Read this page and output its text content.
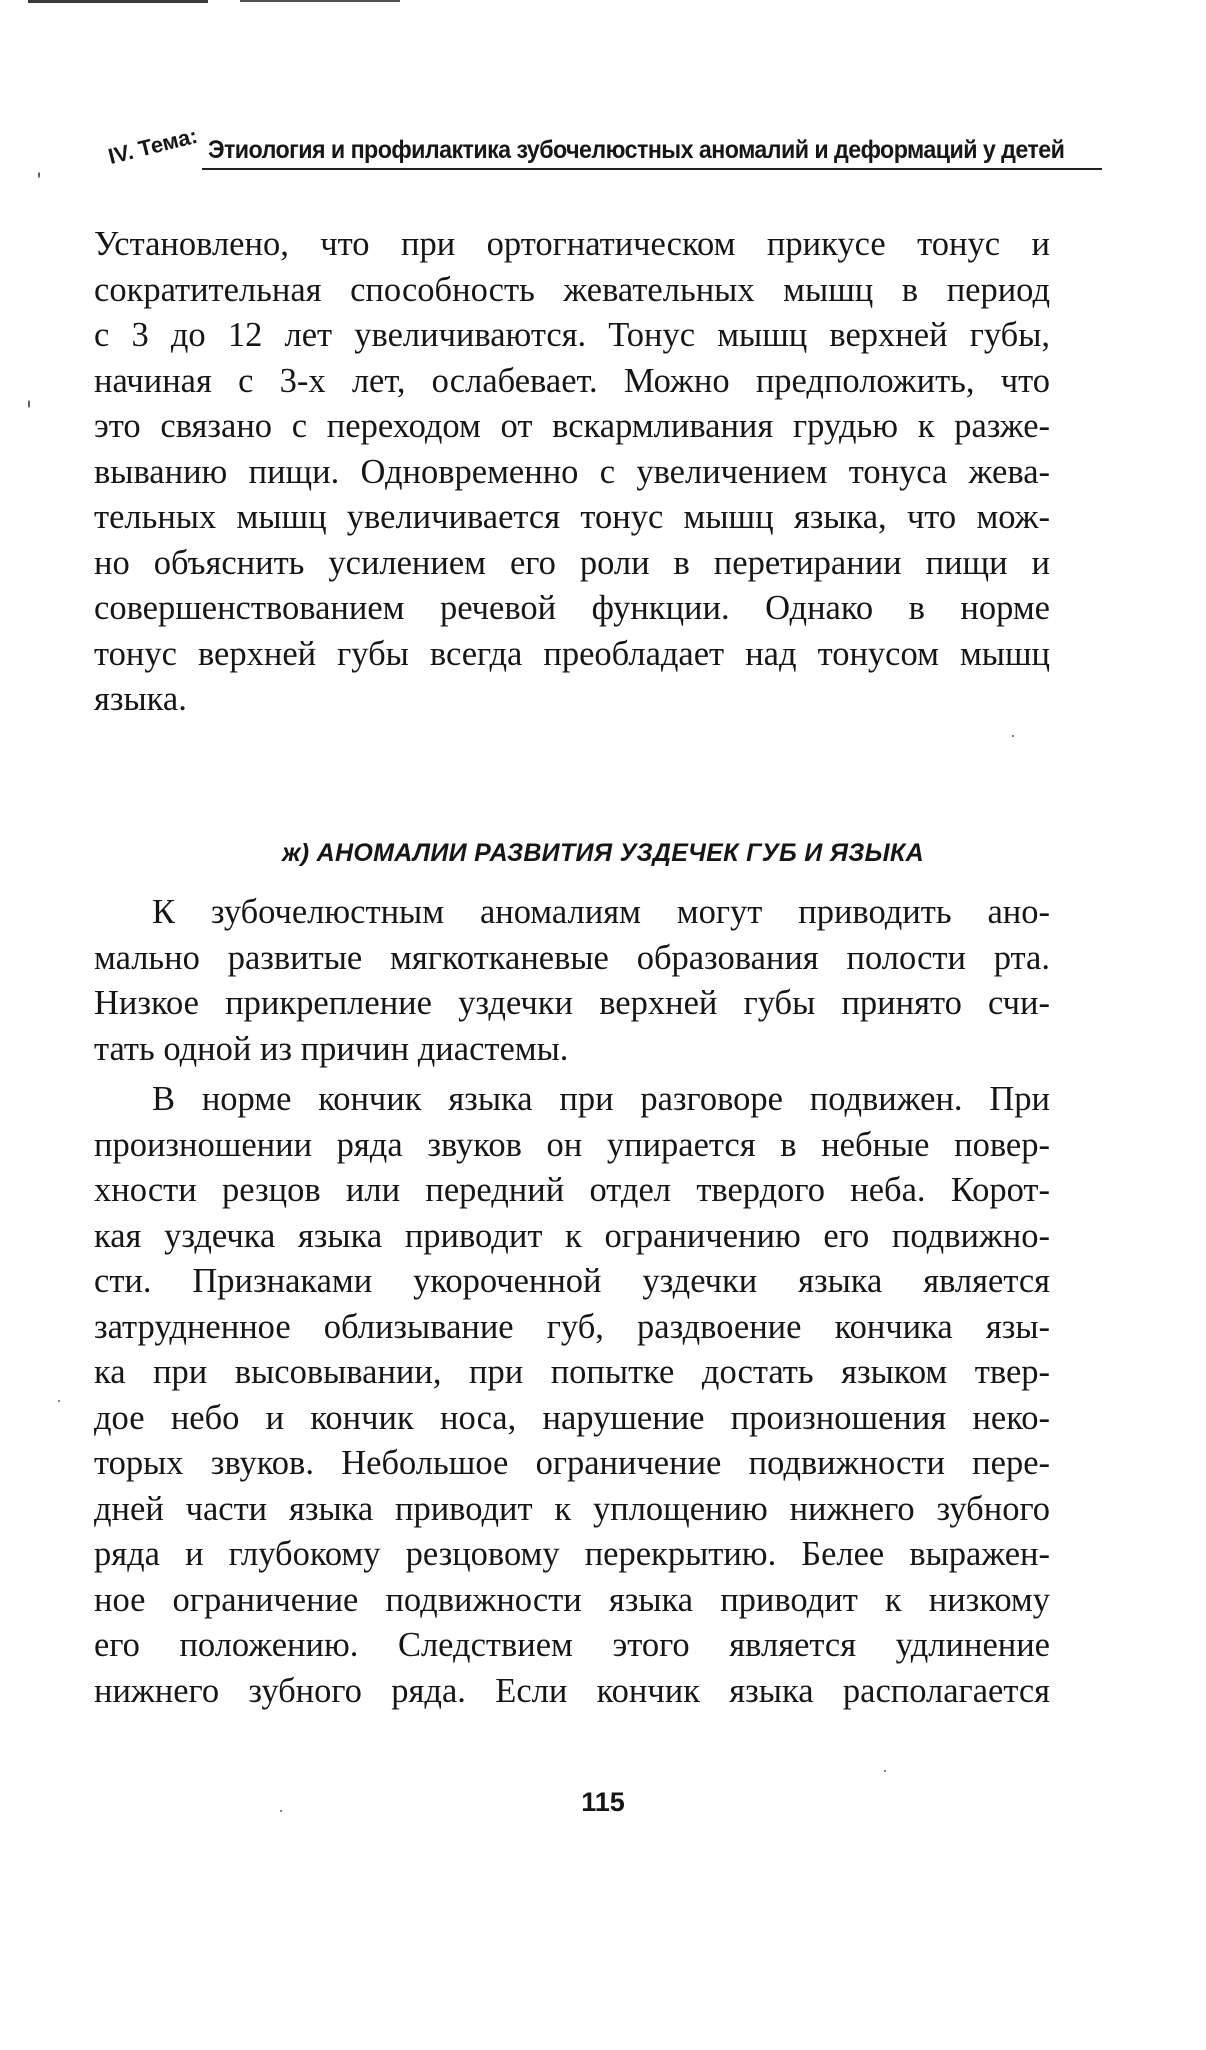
IV. Тема: Этиология и профилактика зубочелюстных аномалий и деформаций у детей
Установлено, что при ортогнатическом прикусе тонус и
сократительная способность жевательных мышц в период
с 3 до 12 лет увеличиваются. Тонус мышц верхней губы,
начиная с 3-х лет, ослабевает. Можно предположить, что
это связано с переходом от вскармливания грудью к разже-
выванию пищи. Одновременно с увеличением тонуса жева-
тельных мышц увеличивается тонус мышц языка, что мож-
но объяснить усилением его роли в перетирании пищи и
совершенствованием речевой функции. Однако в норме
тонус верхней губы всегда преобладает над тонусом мышц
языка.
ж) АНОМАЛИИ РАЗВИТИЯ УЗДЕЧЕК ГУБ И ЯЗЫКА
К зубочелюстным аномалиям могут приводить ано-
мально развитые мягкотканевые образования полости рта.
Низкое прикрепление уздечки верхней губы принято счи-
тать одной из причин диастемы.
В норме кончик языка при разговоре подвижен. При
произношении ряда звуков он упирается в небные повер-
хности резцов или передний отдел твердого неба. Корот-
кая уздечка языка приводит к ограничению его подвижно-
сти. Признаками укороченной уздечки языка является
затрудненное облизывание губ, раздвоение кончика язы-
ка при высовывании, при попытке достать языком твер-
дое небо и кончик носа, нарушение произношения неко-
торых звуков. Небольшое ограничение подвижности пере-
дней части языка приводит к уплощению нижнего зубного
ряда и глубокому резцовому перекрытию. Белее выражен-
ное ограничение подвижности языка приводит к низкому
его положению. Следствием этого является удлинение
нижнего зубного ряда. Если кончик языка располагается
115
